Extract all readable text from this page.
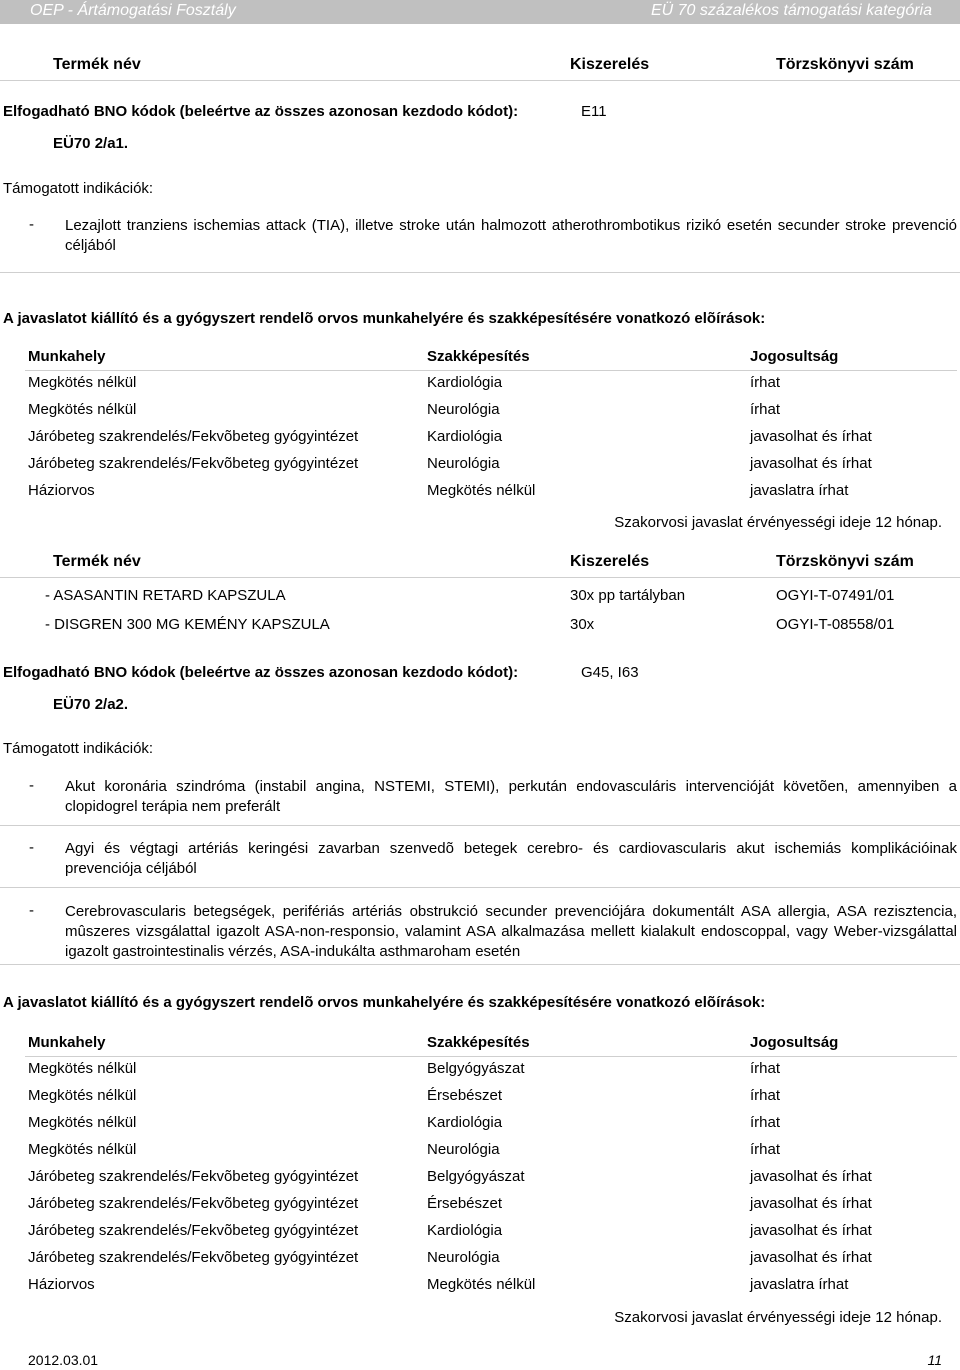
OEP - Ártámogatási Fosztály	EÜ 70 százalékos támogatási kategória
Termék név	Kiszerelés	Törzskönyvi szám
Elfogadható BNO kódok (beleértve az összes azonosan kezdodo kódot):	E11
EÜ70 2/a1.
Támogatott indikációk:
- Lezajlott tranziens ischemias attack (TIA), illetve stroke után halmozott atherothrombotikus rizikó esetén secunder stroke prevenció céljából
A javaslatot kiállító és a gyógyszert rendelõ orvos munkahelyére és szakképesítésére vonatkozó elõírások:
Munkahely	Szakképesítés	Jogosultság
Megkötés nélkül	Kardiológia	írhat
Megkötés nélkül	Neurológia	írhat
Járóbeteg szakrendelés/Fekvõbeteg gyógyintézet	Kardiológia	javasolhat és írhat
Járóbeteg szakrendelés/Fekvõbeteg gyógyintézet	Neurológia	javasolhat és írhat
Háziorvos	Megkötés nélkül	javaslatra írhat
Szakorvosi javaslat érvényességi ideje 12 hónap.
Termék név	Kiszerelés	Törzskönyvi szám
- ASASANTIN RETARD KAPSZULA	30x pp tartályban	OGYI-T-07491/01
- DISGREN 300 MG KEMÉNY KAPSZULA	30x	OGYI-T-08558/01
Elfogadható BNO kódok (beleértve az összes azonosan kezdodo kódot):	G45, I63
EÜ70 2/a2.
Támogatott indikációk:
- Akut koronária szindróma (instabil angina, NSTEMI, STEMI), perkután endovasculáris intervencióját követõen, amennyiben a clopidogrel terápia nem preferált
- Agyi és végtagi artériás keringési zavarban szenvedõ betegek cerebro- és cardiovascularis akut ischemiás komplikációinak prevenciója céljából
- Cerebrovascularis betegségek, perifériás artériás obstrukció secunder prevenciójára dokumentált ASA allergia, ASA rezisztencia, mûszeres vizsgálattal igazolt ASA-non-responsio, valamint ASA alkalmazása mellett kialakult endoscoppal, vagy Weber-vizsgálattal igazolt gastrointestinalis vérzés, ASA-indukálta asthmaroham esetén
A javaslatot kiállító és a gyógyszert rendelõ orvos munkahelyére és szakképesítésére vonatkozó elõírások:
Munkahely	Szakképesítés	Jogosultság
Megkötés nélkül	Belgyógyászat	írhat
Megkötés nélkül	Érsebészet	írhat
Megkötés nélkül	Kardiológia	írhat
Megkötés nélkül	Neurológia	írhat
Járóbeteg szakrendelés/Fekvõbeteg gyógyintézet	Belgyógyászat	javasolhat és írhat
Járóbeteg szakrendelés/Fekvõbeteg gyógyintézet	Érsebészet	javasolhat és írhat
Járóbeteg szakrendelés/Fekvõbeteg gyógyintézet	Kardiológia	javasolhat és írhat
Járóbeteg szakrendelés/Fekvõbeteg gyógyintézet	Neurológia	javasolhat és írhat
Háziorvos	Megkötés nélkül	javaslatra írhat
Szakorvosi javaslat érvényességi ideje 12 hónap.
2012.03.01	11
